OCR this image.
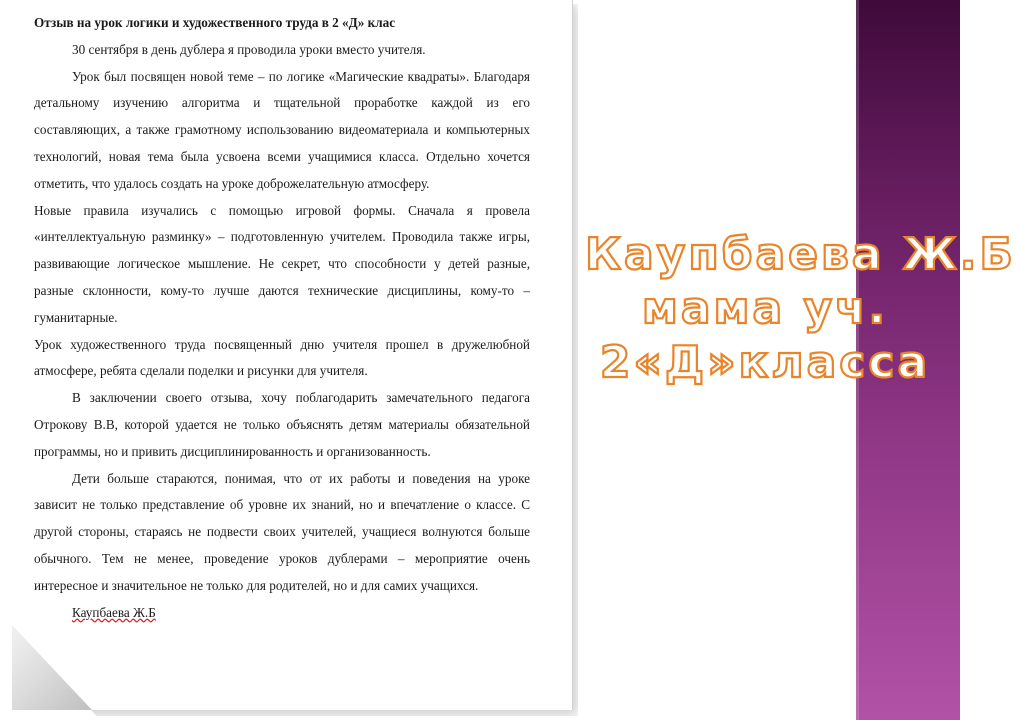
Отзыв на урок логики и художественного труда в 2 «Д» клас

30 сентября в день дублера я проводила уроки вместо учителя.

Урок был посвящен новой теме – по логике «Магические квадраты». Благодаря детальному изучению алгоритма и тщательной проработке каждой из его составляющих, а также грамотному использованию видеоматериала и компьютерных технологий, новая тема была усвоена всеми учащимися класса. Отдельно хочется отметить, что удалось создать на уроке доброжелательную атмосферу.

Новые правила изучались с помощью игровой формы. Сначала я провела «интеллектуальную разминку» – подготовленную учителем. Проводила также игры, развивающие логическое мышление. Не секрет, что способности у детей разные, разные склонности, кому-то лучше даются технические дисциплины, кому-то – гуманитарные.

Урок художественного труда посвященный дню учителя прошел в дружелюбной атмосфере, ребята сделали поделки и рисунки для учителя.

В заключении своего отзыва, хочу поблагодарить замечательного педагога Отрокову В.В, которой удается не только объяснять детям материалы обязательной программы, но и привить дисциплинированность и организованность.

Дети больше стараются, понимая, что от их работы и поведения на уроке зависит не только представление об уровне их знаний, но и впечатление о классе. С другой стороны, стараясь не подвести своих учителей, учащиеся волнуются больше обычного. Тем не менее, проведение уроков дублерами – мероприятие очень интересное и значительное не только для родителей, но и для самих учащихся.

Каупбаева Ж.Б

Каупбаева Ж.Б
мама уч.
2«Д»класса
